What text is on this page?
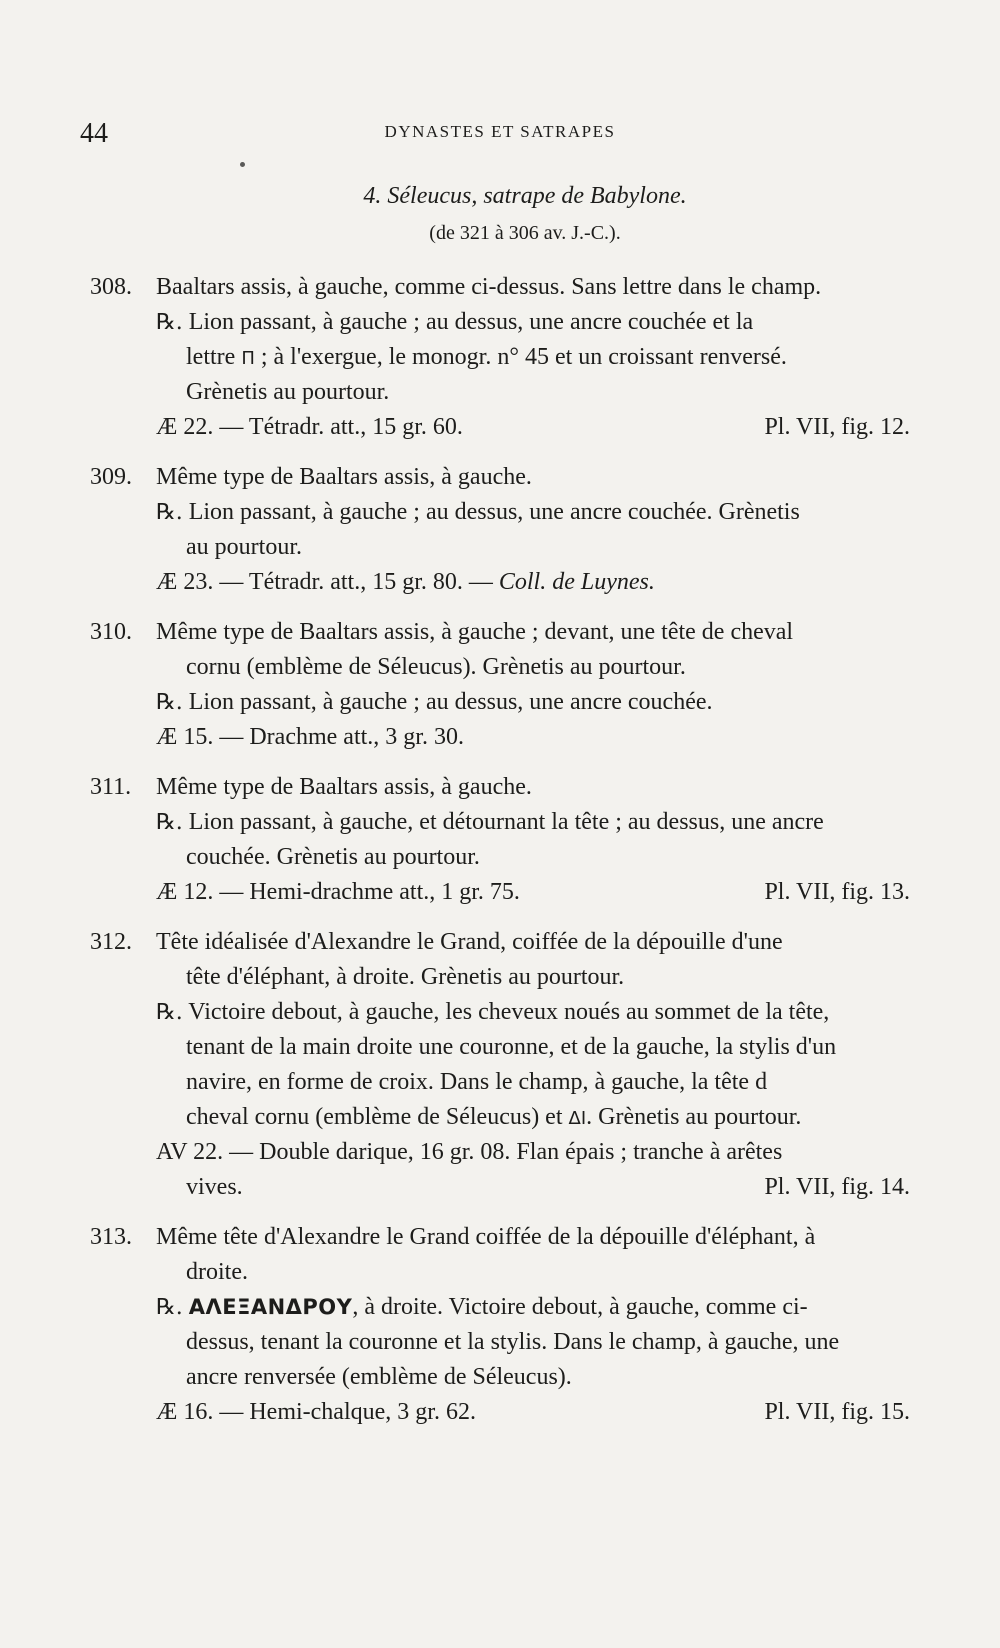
44	DYNASTES ET SATRAPES
4. Séleucus, satrape de Babylone.
(de 321 à 306 av. J.-C.).
308. Baaltars assis, à gauche, comme ci-dessus. Sans lettre dans le champ.
℞. Lion passant, à gauche ; au dessus, une ancre couchée et la
lettre Π ; à l'exergue, le monogr. n° 45 et un croissant renversé.
Grènetis au pourtour.
Æ 22. — Tétradr. att., 15 gr. 60.	Pl. VII, fig. 12.
309. Même type de Baaltars assis, à gauche.
℞. Lion passant, à gauche ; au dessus, une ancre couchée. Grènetis
au pourtour.
Æ 23. — Tétradr. att., 15 gr. 80. — Coll. de Luynes.
310. Même type de Baaltars assis, à gauche ; devant, une tête de cheval
cornu (emblème de Séleucus). Grènetis au pourtour.
℞. Lion passant, à gauche ; au dessus, une ancre couchée.
Æ 15. — Drachme att., 3 gr. 30.
311. Même type de Baaltars assis, à gauche.
℞. Lion passant, à gauche, et détournant la tête ; au dessus, une ancre
couchée. Grènetis au pourtour.
Æ 12. — Hemi-drachme att., 1 gr. 75.	Pl. VII, fig. 13.
312. Tête idéalisée d'Alexandre le Grand, coiffée de la dépouille d'une
tête d'éléphant, à droite. Grènetis au pourtour.
℞. Victoire debout, à gauche, les cheveux noués au sommet de la tête,
tenant de la main droite une couronne, et de la gauche, la stylis d'un
navire, en forme de croix. Dans le champ, à gauche, la tête d
cheval cornu (emblème de Séleucus) et ΔΙ. Grènetis au pourtour.
AV 22. — Double darique, 16 gr. 08. Flan épais ; tranche à arêtes
vives.	Pl. VII, fig. 14.
313. Même tête d'Alexandre le Grand coiffée de la dépouille d'éléphant, à
droite.
℞. ΑΛΕΞΑΝΔΡΟΥ, à droite. Victoire debout, à gauche, comme ci-
dessus, tenant la couronne et la stylis. Dans le champ, à gauche, une
ancre renversée (emblème de Séleucus).
Æ 16. — Hemi-chalque, 3 gr. 62.	Pl. VII, fig. 15.
